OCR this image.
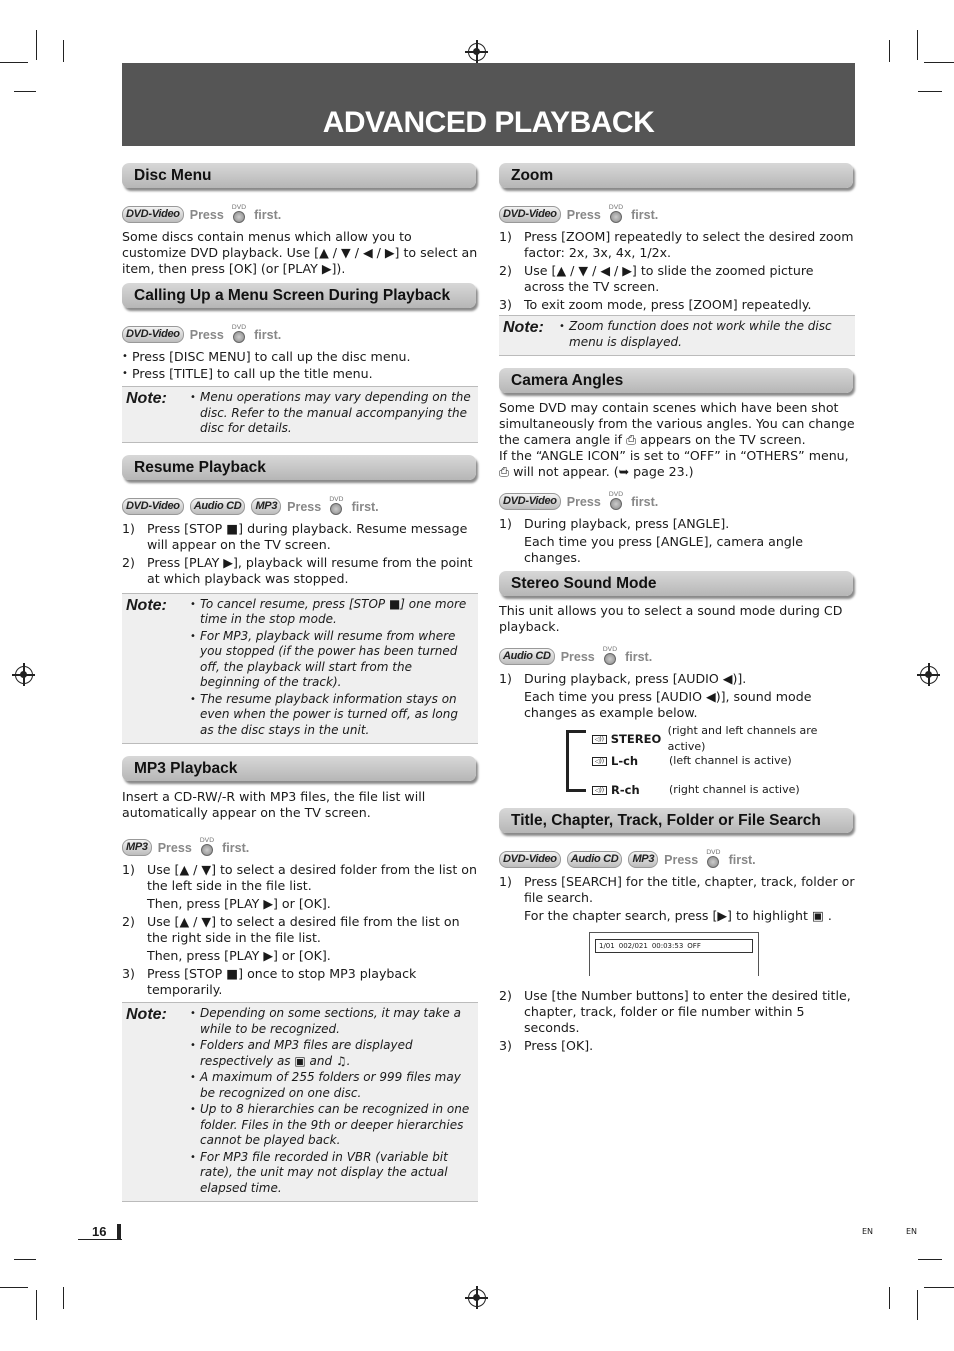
ADVANCED PLAYBACK
Disc Menu
DVD-Video Press
DVD
first.

Some discs contain menus which allow you to customize DVD playback. Use [▲ / ▼ / ◀ / ▶] to select an item, then press [OK] (or [PLAY ▶]).

Calling Up a Menu Screen During Playback
DVD-Video Press
DVD
first.
• Press [DISC MENU] to call up the disc menu.
• Press [TITLE] to call up the title menu.
Note:	• Menu operations may vary depending on the disc. Refer to the manual accompanying the disc for details.
Resume Playback
DVD-Video	Audio CD	MP3 Press
DVD
first.
1) Press [STOP ■] during playback. Resume message will appear on the TV screen.
2) Press [PLAY ▶], playback will resume from the point at which playback was stopped.
Note:	• To cancel resume, press [STOP ■] one more time in the stop mode.
• For MP3, playback will resume from where you stopped (if the power has been turned off, the playback will start from the beginning of the track).
• The resume playback information stays on even when the power is turned off, as long as the disc stays in the unit.
MP3 Playback

Insert a CD-RW/-R with MP3 files, the file list will automatically appear on the TV screen.

MP3 Press
DVD
first.
1) Use [▲ / ▼] to select a desired folder from the list on the left side in the file list.
Then, press [PLAY ▶] or [OK].
2) Use [▲ / ▼] to select a desired file from the list on the right side in the file list.
Then, press [PLAY ▶] or [OK].
3) Press [STOP ■] once to stop MP3 playback temporarily.
Note:	• Depending on some sections, it may take a while to be recognized.
• Folders and MP3 files are displayed respectively as ▣ and ♫.
• A maximum of 255 folders or 999 files may be recognized on one disc.
• Up to 8 hierarchies can be recognized in one folder. Files in the 9th or deeper hierarchies cannot be played back.
• For MP3 file recorded in VBR (variable bit rate), the unit may not display the actual elapsed time.
Zoom
DVD-Video Press
DVD
first.
1) Press [ZOOM] repeatedly to select the desired zoom factor: 2x, 3x, 4x, 1/2x.
2) Use [▲ / ▼ / ◀ / ▶] to slide the zoomed picture across the TV screen.
3) To exit zoom mode, press [ZOOM] repeatedly.
Note:	• Zoom function does not work while the disc menu is displayed.
Camera Angles

Some DVD may contain scenes which have been shot simultaneously from the various angles. You can change the camera angle if ⎙ appears on the TV screen.

If the “ANGLE ICON” is set to “OFF” in “OTHERS” menu, ⎙ will not appear. (➥ page 23.)

DVD-Video Press
DVD
first.
1) During playback, press [ANGLE].
Each time you press [ANGLE], camera angle changes.
Stereo Sound Mode

This unit allows you to select a sound mode during CD playback.

Audio CD Press
DVD
first.
1) During playback, press [AUDIO ◀)].
Each time you press [AUDIO ◀)], sound mode changes as example below.
◁)) STEREO
(right and left channels are active)
◁)) L-ch	(left channel is active)
◁)) R-ch	(right channel is active)
Title, Chapter, Track, Folder or File Search
DVD-Video	Audio CD	MP3 Press
DVD
first.
1) Press [SEARCH] for the title, chapter, track, folder or file search.
For the chapter search, press [▶] to highlight ▣ .
1/01 002/021 00:03:53 OFF
2) Use [the Number buttons] to enter the desired title, chapter, track, folder or file number within 5 seconds.
3) Press [OK].
16	EN	EN
